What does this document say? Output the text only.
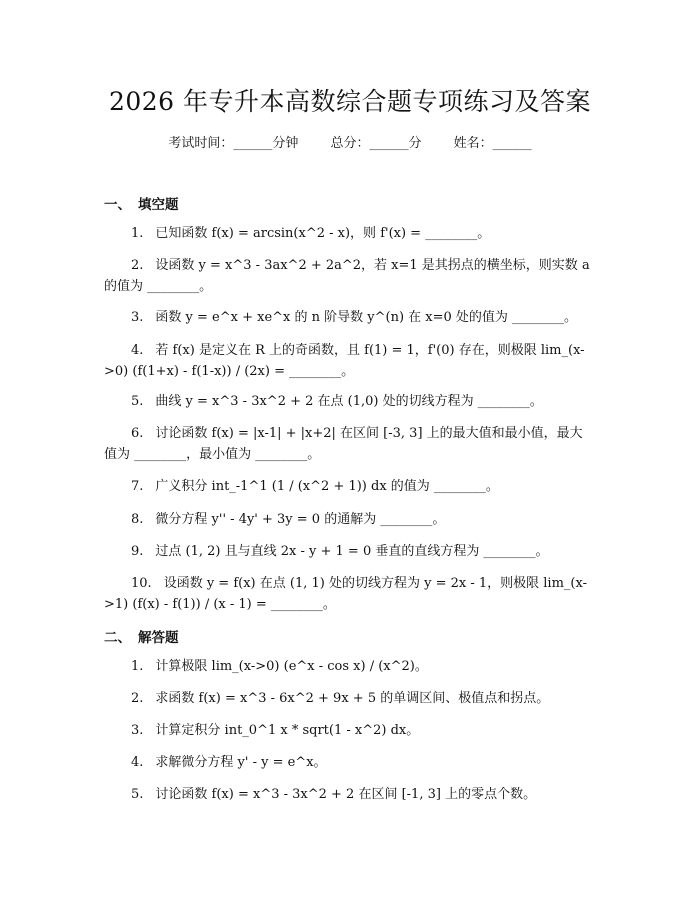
2026 年专升本高数综合题专项练习及答案
考试时间：______分钟 总分：______分 姓名：______
一、 填空题
1. 已知函数 f(x) = arcsin(x^2 - x)，则 f'(x) = ________。
2. 设函数 y = x^3 - 3ax^2 + 2a^2，若 x=1 是其拐点的横坐标，则实数 a 的值为 ________。
3. 函数 y = e^x + xe^x 的 n 阶导数 y^(n) 在 x=0 处的值为 ________。
4. 若 f(x) 是定义在 R 上的奇函数，且 f(1) = 1，f'(0) 存在，则极限 lim_(x->0) (f(1+x) - f(1-x)) / (2x) = ________。
5. 曲线 y = x^3 - 3x^2 + 2 在点 (1,0) 处的切线方程为 ________。
6. 讨论函数 f(x) = |x-1| + |x+2| 在区间 [-3, 3] 上的最大值和最小值，最大值为 ________，最小值为 ________。
7. 广义积分 int_-1^1 (1 / (x^2 + 1)) dx 的值为 ________。
8. 微分方程 y'' - 4y' + 3y = 0 的通解为 ________。
9. 过点 (1, 2) 且与直线 2x - y + 1 = 0 垂直的直线方程为 ________。
10. 设函数 y = f(x) 在点 (1, 1) 处的切线方程为 y = 2x - 1，则极限 lim_(x->1) (f(x) - f(1)) / (x - 1) = ________。
二、 解答题
1. 计算极限 lim_(x->0) (e^x - cos x) / (x^2)。
2. 求函数 f(x) = x^3 - 6x^2 + 9x + 5 的单调区间、极值点和拐点。
3. 计算定积分 int_0^1 x * sqrt(1 - x^2) dx。
4. 求解微分方程 y' - y = e^x。
5. 讨论函数 f(x) = x^3 - 3x^2 + 2 在区间 [-1, 3] 上的零点个数。
